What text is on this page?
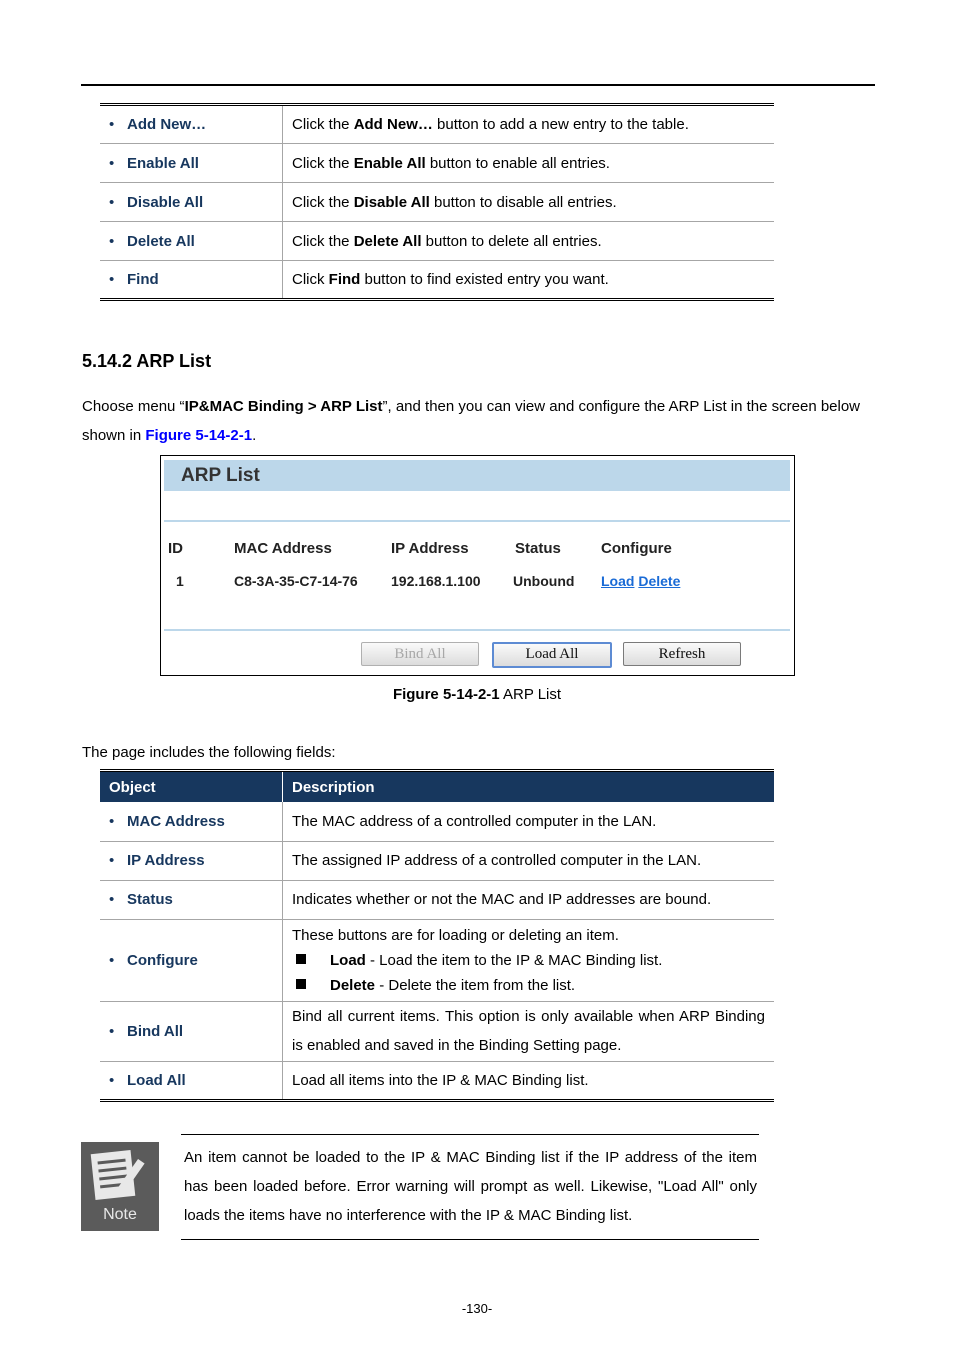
• Add New…	Click the Add New… button to add a new entry to the table.
• Enable All	Click the Enable All button to enable all entries.
• Disable All	Click the Disable All button to disable all entries.
• Delete All	Click the Delete All button to delete all entries.
• Find	Click Find button to find existed entry you want.
5.14.2 ARP List
Choose menu “IP&MAC Binding > ARP List”, and then you can view and configure the ARP List in the screen below shown in Figure 5-14-2-1.
ARP List
ID	MAC Address	IP Address	Status	Configure
1	C8-3A-35-C7-14-76 192.168.1.100 Unbound Load Delete
Bind All	Load All	Refresh
Figure 5-14-2-1 ARP List
The page includes the following fields:
Object	Description
• MAC Address	The MAC address of a controlled computer in the LAN.
• IP Address	The assigned IP address of a controlled computer in the LAN.
• Status	Indicates whether or not the MAC and IP addresses are bound.
• Configure	These buttons are for loading or deleting an item.
Load - Load the item to the IP & MAC Binding list.
Delete - Delete the item from the list.

• Bind All	Bind all current items. This option is only available when ARP Binding is enabled and saved in the Binding Setting page.
• Load All	Load all items into the IP & MAC Binding list.
Note

An item cannot be loaded to the IP & MAC Binding list if the IP address of the item has been loaded before. Error warning will prompt as well. Likewise, "Load All" only loads the items have no interference with the IP & MAC Binding list.

-130-
